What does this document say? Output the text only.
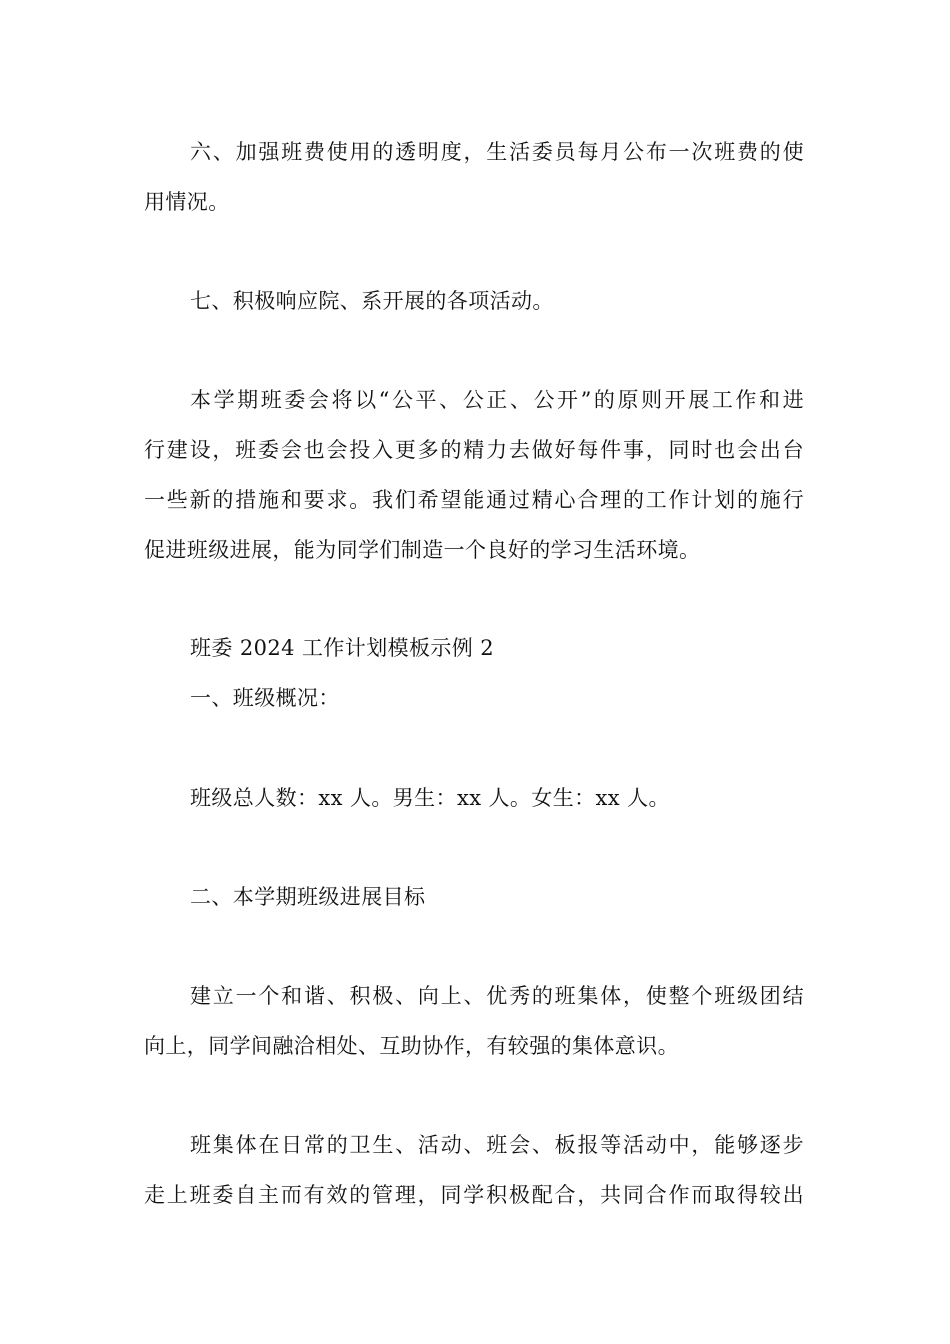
六、加强班费使用的透明度，生活委员每月公布一次班费的使

用情况。

七、积极响应院、系开展的各项活动。

本学期班委会将以“公平、公正、公开”的原则开展工作和进

行建设，班委会也会投入更多的精力去做好每件事，同时也会出台

一些新的措施和要求。我们希望能通过精心合理的工作计划的施行

促进班级进展，能为同学们制造一个良好的学习生活环境。

班委 2024 工作计划模板示例 2

一、班级概况：

班级总人数：xx 人。男生：xx 人。女生：xx 人。

二、本学期班级进展目标

建立一个和谐、积极、向上、优秀的班集体，使整个班级团结

向上，同学间融洽相处、互助协作，有较强的集体意识。

班集体在日常的卫生、活动、班会、板报等活动中，能够逐步

走上班委自主而有效的管理，同学积极配合，共同合作而取得较出
